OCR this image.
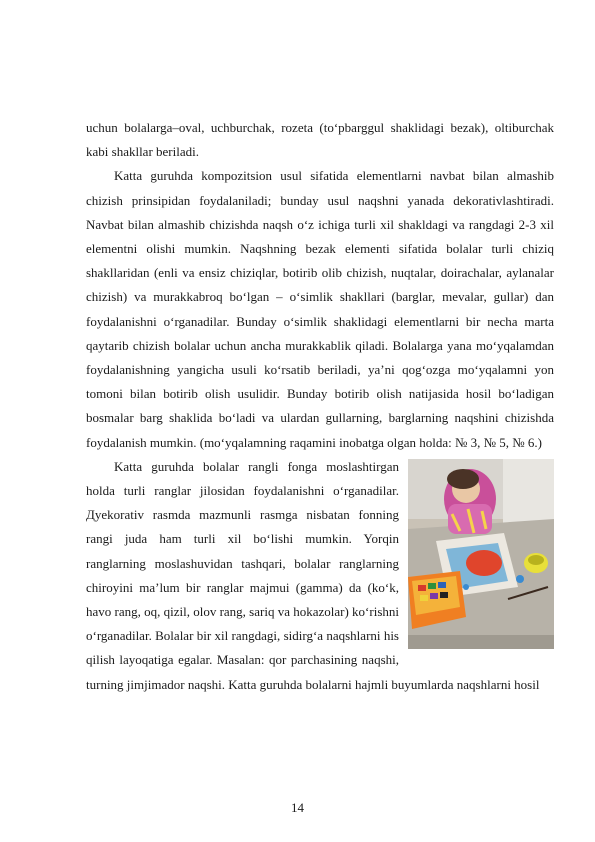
uchun bolalarga–oval, uchburchak, rozeta (to‘pbarggul shaklidagi bezak), oltiburchak kabi shakllar beriladi.

Katta guruhda kompozitsion usul sifatida elementlarni navbat bilan almashib chizish prinsipidan foydalaniladi; bunday usul naqshni yanada dekorativlashtiradi. Navbat bilan almashib chizishda naqsh o‘z ichiga turli xil shakldagi va rangdagi 2-3 xil elementni olishi mumkin. Naqshning bezak elementi sifatida bolalar turli chiziq shakllaridan (enli va ensiz chiziqlar, botirib olib chizish, nuqtalar, doirachalar, aylanalar chizish) va murakkabroq bo‘lgan – o‘simlik shakllari (barglar, mevalar, gullar) dan foydalanishni o‘rganadilar. Bunday o‘simlik shaklidagi elementlarni bir necha marta qaytarib chizish bolalar uchun ancha murakkablik qiladi. Bolalarga yana mo‘yqalamdan foydalanishning yangicha usuli ko‘rsatib beriladi, ya’ni qog‘ozga mo‘yqalamni yon tomoni bilan botirib olish usulidir. Bunday botirib olish natijasida hosil bo‘ladigan bosmalar barg shaklida bo‘ladi va ulardan gullarning, barglarning naqshini chizishda foydalanish mumkin. (mo‘yqalamning raqamini inobatga olgan holda: № 3, № 5, № 6.)

Katta guruhda bolalar rangli fonga moslashtirgan holda turli ranglar jilosidan foydalanishni o‘rganadilar. Дyekorativ rasmda mazmunli rasmga nisbatan fonning rangi juda ham turli xil bo‘lishi mumkin. Yorqin ranglarning moslashuvidan tashqari, bolalar ranglarning chiroyini ma’lum bir ranglar majmui (gamma) da (ko‘k, havo rang, oq, qizil, olov rang, sariq va hokazolar) ko‘rishni o‘rganadilar. Bolalar bir xil rangdagi, sidirg‘a naqshlarni his qilish layoqatiga egalar. Masalan: qor parchasining naqshi, turning jimjimador naqshi. Katta guruhda bolalarni hajmli buyumlarda naqshlarni hosil

14
